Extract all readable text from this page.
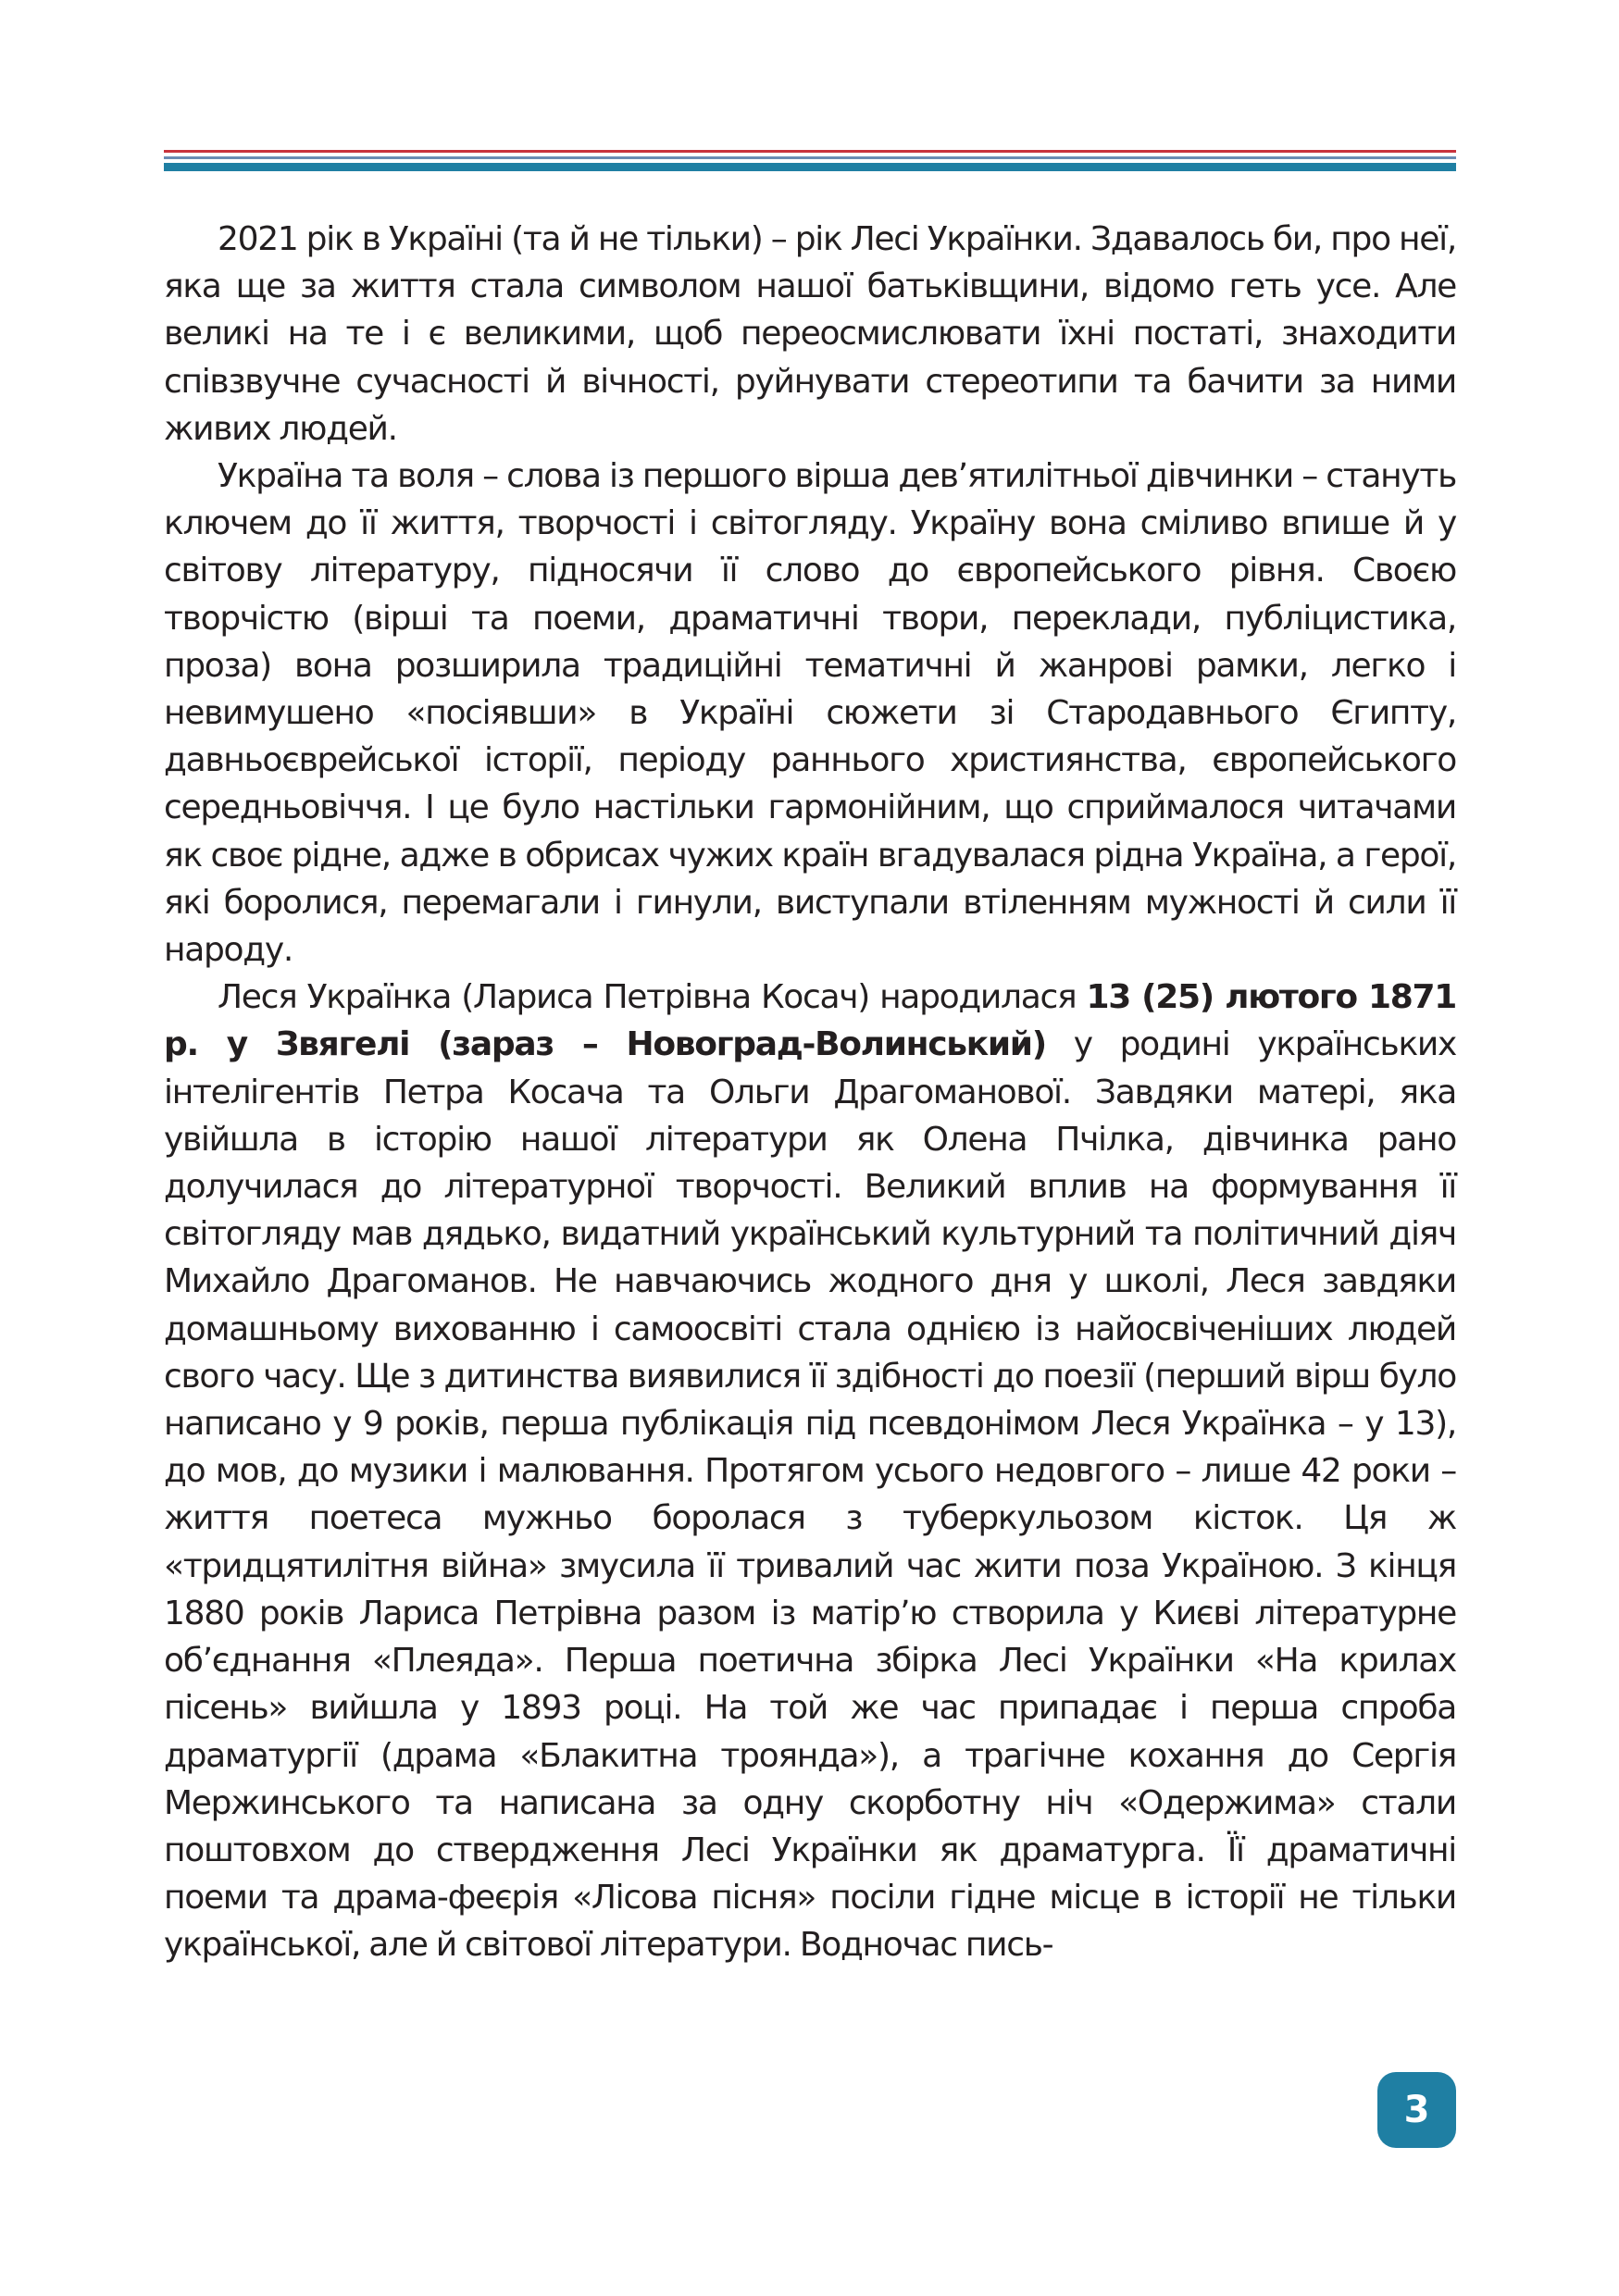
2021 рік в Україні (та й не тільки) – рік Лесі Українки. Здавалось би, про неї, яка ще за життя стала символом нашої батьківщини, відомо геть усе. Але великі на те і є великими, щоб переосмислювати їхні постаті, знаходити співзвучне сучасності й вічності, руйнувати стереотипи та бачити за ними живих людей.

Україна та воля – слова із першого вірша дев’ятилітньої дівчинки – стануть ключем до її життя, творчості і світогляду. Україну вона сміливо впише й у світову літературу, підносячи її слово до європейського рівня. Своєю творчістю (вірші та поеми, драматичні твори, переклади, публіцистика, проза) вона розширила традиційні тематичні й жанрові рамки, легко і невимушено «посіявши» в Україні сюжети зі Стародавнього Єгипту, давньоєврейської історії, періоду раннього християнства, європейського середньовіччя. І це було настільки гармонійним, що сприймалося читачами як своє рідне, адже в обрисах чужих країн вгадувалася рідна Україна, а герої, які боролися, перемагали і гинули, виступали втіленням мужності й сили її народу.

Леся Українка (Лариса Петрівна Косач) народилася 13 (25) лютого 1871 р. у Звягелі (зараз – Новоград-Волинський) у родині українських інтелігентів Петра Косача та Ольги Драгоманової. Завдяки матері, яка увійшла в історію нашої літератури як Олена Пчілка, дівчинка рано долучилася до літературної творчості. Великий вплив на формування її світогляду мав дядько, видатний український культурний та політичний діяч Михайло Драгоманов. Не навчаючись жодного дня у школі, Леся завдяки домашньому вихованню і самоосвіті стала однією із найосвіченіших людей свого часу. Ще з дитинства виявилися її здібності до поезії (перший вірш було написано у 9 років, перша публікація під псевдонімом Леся Українка – у 13), до мов, до музики і малювання. Протягом усього недовгого – лише 42 роки – життя поетеса мужньо боролася з туберкульозом кісток. Ця ж «тридцятилітня війна» змусила її тривалий час жити поза Україною. З кінця 1880 років Лариса Петрівна разом із матір’ю створила у Києві літературне об’єднання «Плеяда». Перша поетична збірка Лесі Українки «На крилах пісень» вийшла у 1893 році. На той же час припадає і перша спроба драматургії (драма «Блакитна троянда»), а трагічне кохання до Сергія Мержинського та написана за одну скорботну ніч «Одержима» стали поштовхом до ствердження Лесі Українки як драматурга. Її драматичні поеми та драма-феєрія «Лісова пісня» посіли гідне місце в історії не тільки української, але й світової літератури. Водночас пись-

3
